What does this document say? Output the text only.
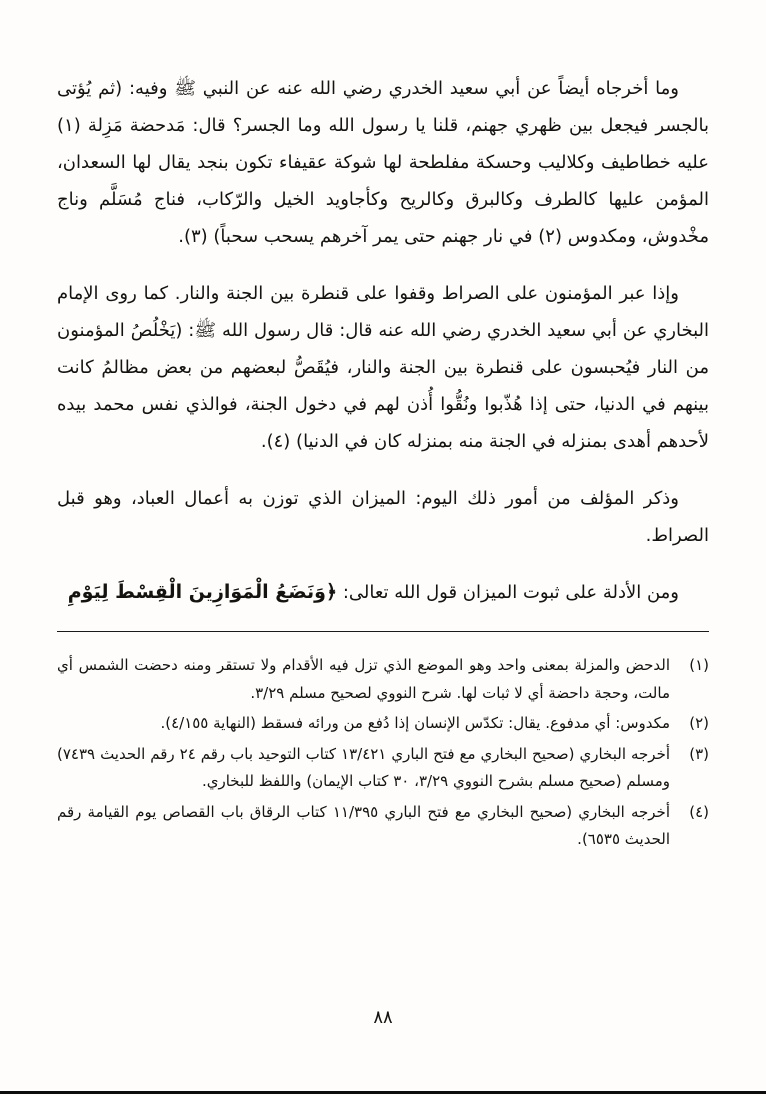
وما أخرجاه أيضاً عن أبي سعيد الخدري رضي الله عنه عن النبي ﷺ وفيه: (ثم يُؤتى بالجسر فيجعل بين ظهري جهنم، قلنا يا رسول الله وما الجسر؟ قال: مَدحضة مَزِلة (١) عليه خطاطيف وكلاليب وحسكة مفلطحة لها شوكة عقيفاء تكون بنجد يقال لها السعدان، المؤمن عليها كالطرف وكالبرق وكالريح وكأجاويد الخيل والرّكاب، فناج مُسَلَّم وناج مخْدوش، ومكدوس (٢) في نار جهنم حتى يمر آخرهم يسحب سحباً) (٣).

وإذا عبر المؤمنون على الصراط وقفوا على قنطرة بين الجنة والنار. كما روى الإمام البخاري عن أبي سعيد الخدري رضي الله عنه قال: قال رسول الله ﷺ: (يَخْلُصُ المؤمنون من النار فيُحبسون على قنطرة بين الجنة والنار، فيُقَصُّ لبعضهم من بعض مظالمُ كانت بينهم في الدنيا، حتى إذا هُذّبوا ونُقُّوا أُذن لهم في دخول الجنة، فوالذي نفس محمد بيده لأحدهم أهدى بمنزله في الجنة منه بمنزله كان في الدنيا) (٤).

وذكر المؤلف من أمور ذلك اليوم: الميزان الذي توزن به أعمال العباد، وهو قبل الصراط.

ومن الأدلة على ثبوت الميزان قول الله تعالى: ﴿وَنَضَعُ الْمَوَازِينَ الْقِسْطَ لِيَوْمِ

(١)
الدحض والمزلة بمعنى واحد وهو الموضع الذي تزل فيه الأقدام ولا تستقر ومنه دحضت الشمس أي مالت، وحجة داحضة أي لا ثبات لها. شرح النووي لصحيح مسلم ٣/٢٩.
(٢)
مكدوس: أي مدفوع. يقال: تكدّس الإنسان إذا دُفع من ورائه فسقط (النهاية ٤/١٥٥).
(٣)
أخرجه البخاري (صحيح البخاري مع فتح الباري ١٣/٤٢١ كتاب التوحيد باب رقم ٢٤ رقم الحديث ٧٤٣٩) ومسلم (صحيح مسلم بشرح النووي ٣/٢٩، ٣٠ كتاب الإيمان) واللفظ للبخاري.
(٤)
أخرجه البخاري (صحيح البخاري مع فتح الباري ١١/٣٩٥ كتاب الرقاق باب القصاص يوم القيامة رقم الحديث ٦٥٣٥).
٨٨
